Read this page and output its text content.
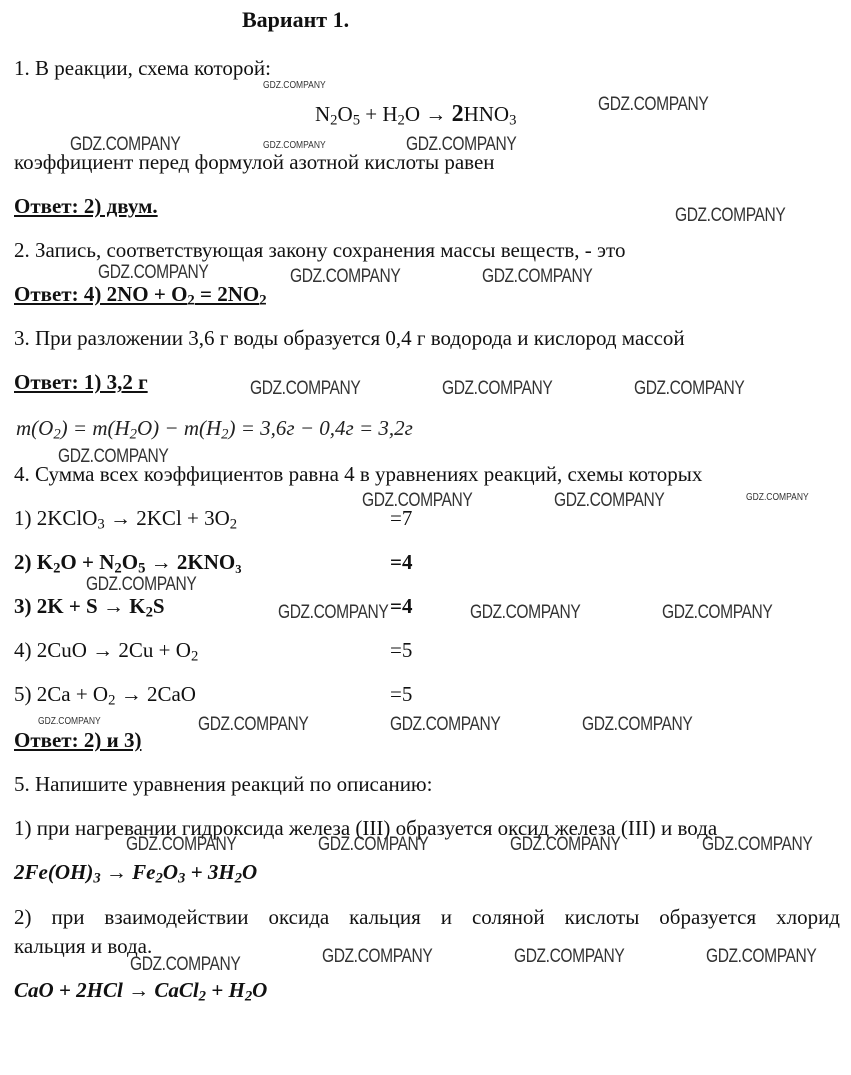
Вариант 1.
1. В реакции, схема которой:
$N_2O_5 + H_2O \to 2HNO_3$
коэффициент перед формулой азотной кислоты равен
Ответ: 2) двум.
2. Запись, соответствующая закону сохранения массы веществ, - это
Ответ: 4) $2NO + O_2 = 2NO_2$
3. При разложении 3,6 г воды образуется 0,4 г водорода и кислород массой
Ответ: 1) 3,2 г
$m(O_2) = m(H_2O) - m(H_2) = 3,6г - 0,4г = 3,2г$
4. Сумма всех коэффициентов равна 4 в уравнениях реакций, схемы которых
1) 2KClO$_3$ → $2KCl + 3O_2$	=7
2) $K_2O + N_2O_5 \to 2KNO_3$	=4
3) $2K + S \to K_2S$	=4
4) $2CuO \to 2Cu + O_2$	=5
5) $2Ca + O_2 \to 2CaO$	=5
Ответ: 2) и 3)
5. Напишите уравнения реакций по описанию:
1) при нагревании гидроксида железа (III) образуется оксид железа (III) и вода
$2Fe(OH)_3 \to Fe_2O_3 + 3H_2O$
2) при взаимодействии оксида кальция и соляной кислоты образуется хлорид
кальция и вода.
CaO + 2HCl → CaCl$_2$ + $H_2O$
GDZ.COMPANY
GDZ.COMPANY
GDZ.COMPANY	GDZ.COMPANY	GDZ.COMPANY
GDZ.COMPANY
GDZ.COMPANY	GDZ.COMPANY	GDZ.COMPANY
GDZ.COMPANY	GDZ.COMPANY	GDZ.COMPANY
GDZ.COMPANY
GDZ.COMPANY	GDZ.COMPANY	GDZ.COMPANY
GDZ.COMPANY
GDZ.COMPANY	GDZ.COMPANY	GDZ.COMPANY
GDZ.COMPANY	GDZ.COMPANY	GDZ.COMPANY	GDZ.COMPANY
GDZ.COMPANY	GDZ.COMPANY	GDZ.COMPANY	GDZ.COMPANY
GDZ.COMPANY	GDZ.COMPANY	GDZ.COMPANY	GDZ.COMPANY
